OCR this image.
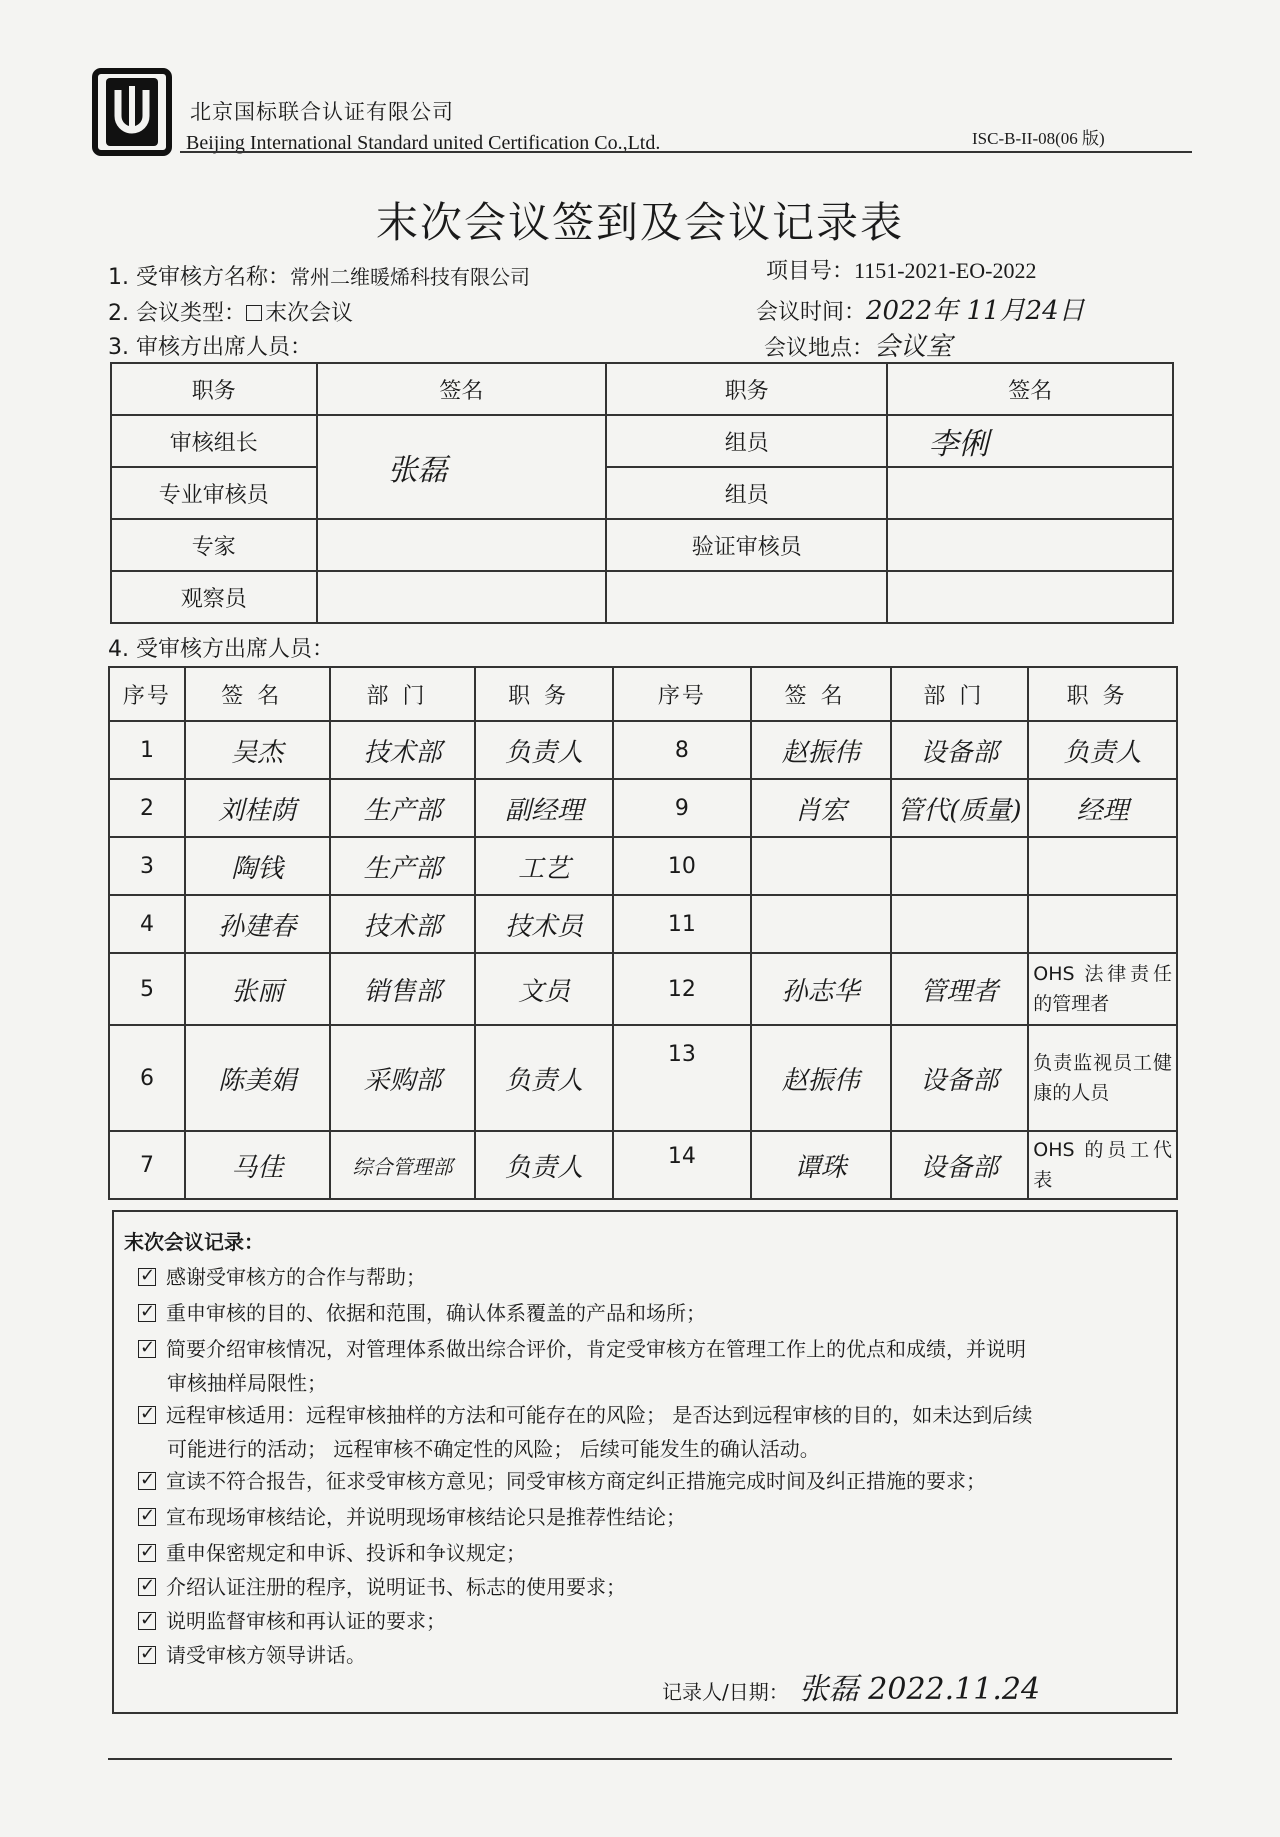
北京国标联合认证有限公司
Beijing International Standard united Certification Co.,Ltd.	ISC-B-II-08(06 版)
末次会议签到及会议记录表
1. 受审核方名称：常州二维暖烯科技有限公司	项目号：1151-2021-EO-2022
2. 会议类型： 末次会议	会议时间：2022年 11月24日
3. 审核方出席人员：	会议地点：会议室
职务	签名	职务	签名
审核组长	张磊	组员	李俐
专业审核员		组员	
专家		验证审核员	
观察员			
4. 受审核方出席人员：
序号	签名	部门	职务	序号	签名	部门	职务
1	吴杰	技术部	负责人	8	赵振伟	设备部	负责人
2	刘桂荫	生产部	副经理	9	肖宏	管代(质量)	经理
3	陶钱	生产部	工艺	10			
4	孙建春	技术部	技术员	11			
5	张丽	销售部	文员	12	孙志华	管理者	OHS 法律责任的管理者
6	陈美娟	采购部	负责人	13	赵振伟	设备部	负责监视员工健康的人员
7	马佳	综合管理部	负责人	14	谭珠	设备部	OHS 的员工代表
末次会议记录：
✓感谢受审核方的合作与帮助；
✓重申审核的目的、依据和范围，确认体系覆盖的产品和场所；
✓简要介绍审核情况，对管理体系做出综合评价，肯定受审核方在管理工作上的优点和成绩，并说明
审核抽样局限性；
✓远程审核适用：远程审核抽样的方法和可能存在的风险； 是否达到远程审核的目的，如未达到后续
可能进行的活动； 远程审核不确定性的风险； 后续可能发生的确认活动。
✓宣读不符合报告，征求受审核方意见；同受审核方商定纠正措施完成时间及纠正措施的要求；
✓宣布现场审核结论，并说明现场审核结论只是推荐性结论；
✓重申保密规定和申诉、投诉和争议规定；
✓介绍认证注册的程序，说明证书、标志的使用要求；
✓说明监督审核和再认证的要求；
✓请受审核方领导讲话。
记录人/日期： 张磊 2022.11.24
